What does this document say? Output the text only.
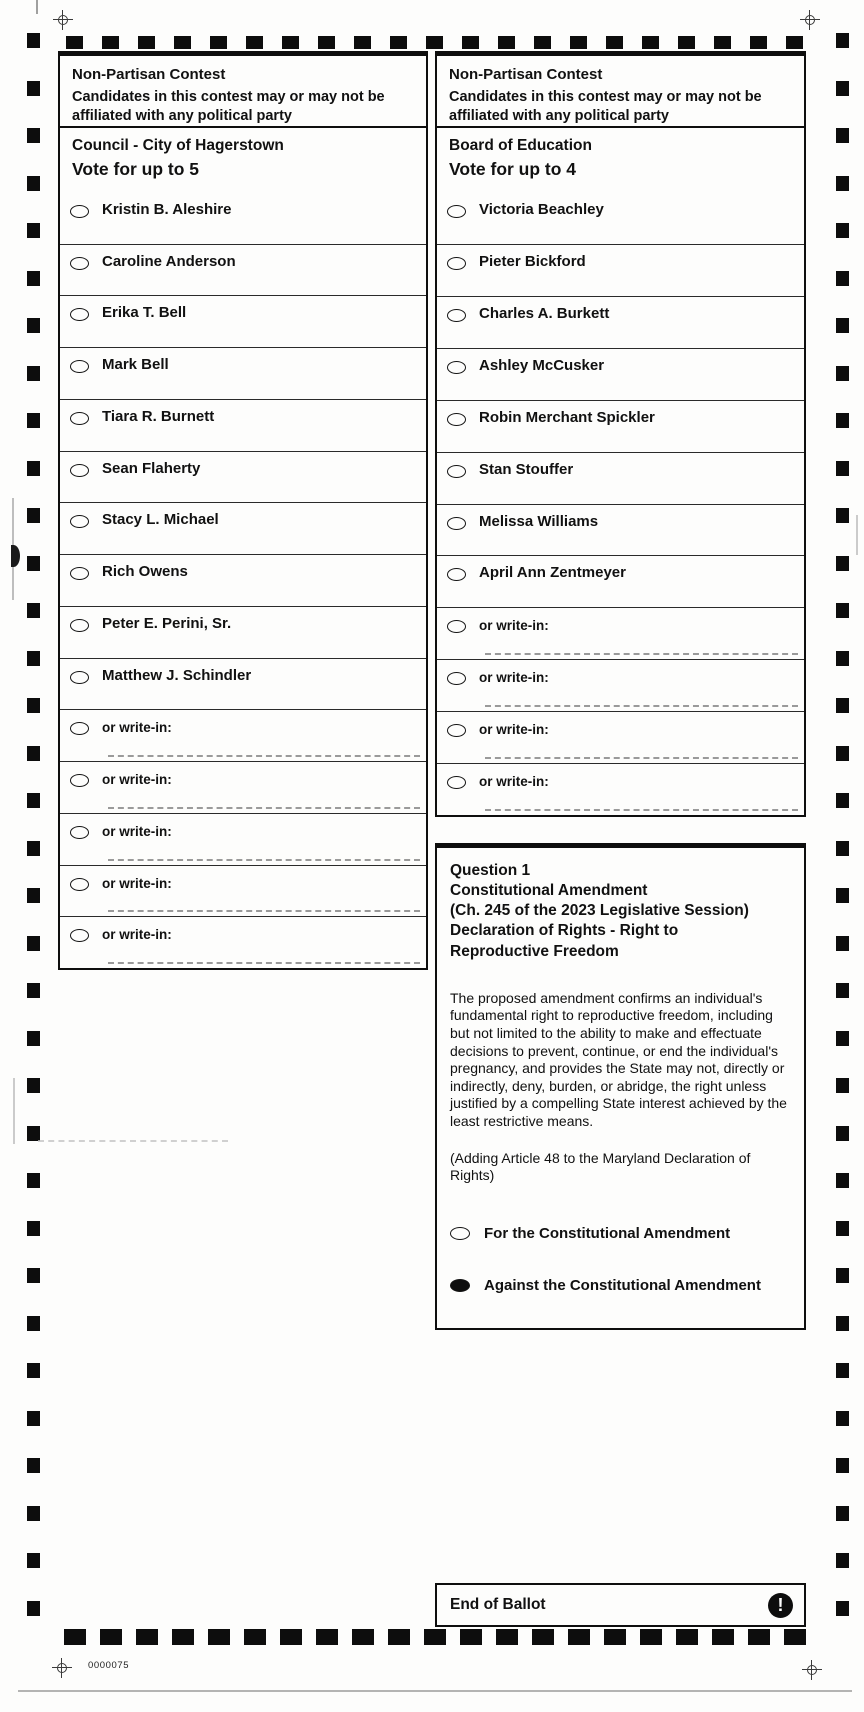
Non-Partisan Contest
Candidates in this contest may or may not be affiliated with any political party
Council - City of Hagerstown
Vote for up to 5
Kristin B. Aleshire
Caroline Anderson
Erika T. Bell
Mark Bell
Tiara R. Burnett
Sean Flaherty
Stacy L. Michael
Rich Owens
Peter E. Perini, Sr.
Matthew J. Schindler
or write-in:
or write-in:
or write-in:
or write-in:
or write-in:
Non-Partisan Contest
Candidates in this contest may or may not be affiliated with any political party
Board of Education
Vote for up to 4
Victoria Beachley
Pieter Bickford
Charles A. Burkett
Ashley McCusker
Robin Merchant Spickler
Stan Stouffer
Melissa Williams
April Ann Zentmeyer
or write-in:
or write-in:
or write-in:
or write-in:
Question 1
Constitutional Amendment
(Ch. 245 of the 2023 Legislative Session)
Declaration of Rights - Right to
Reproductive Freedom
The proposed amendment confirms an individual's fundamental right to reproductive freedom, including but not limited to the ability to make and effectuate decisions to prevent, continue, or end the individual's pregnancy, and provides the State may not, directly or indirectly, deny, burden, or abridge, the right unless justified by a compelling State interest achieved by the least restrictive means.
(Adding Article 48 to the Maryland Declaration of Rights)
For the Constitutional Amendment
Against the Constitutional Amendment
End of Ballot	!
0000075
